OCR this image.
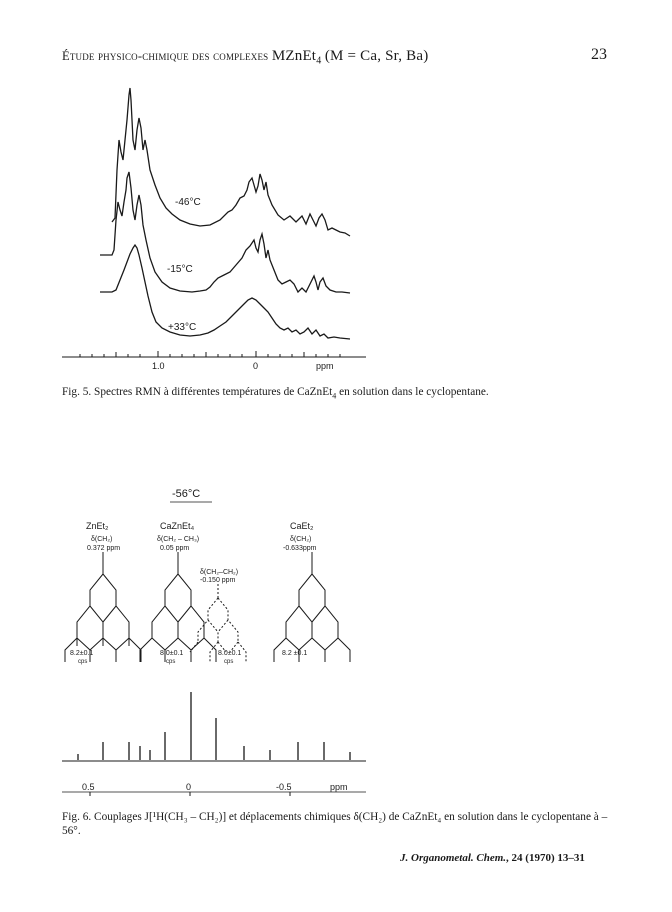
Étude physico-chimique des complexes MZnEt$_4$ (M = Ca, Sr, Ba)	23
-46°C
-15°C
+33°C
1.0	0	ppm
Fig. 5. Spectres RMN à différentes températures de CaZnEt$_4$ en solution dans le cyclopentane.
-56°C
ZnEt₂
δ(CH₂)
0.372 ppm
CaZnEt₄
δ(CH₂ – CH₃)
0.05 ppm
CaEt₂
δ(CH₂)
-0.633ppm
δ(CH₂–CH₂)
-0.150 ppm
8.2±0.1
cps
8.0±0.1
cps
8.0±0.1
cps
8.2 ±0.1
0.5	0	-0.5	ppm
Fig. 6. Couplages J[¹H(CH₃ – CH₂)] et déplacements chimiques δ(CH₂) de CaZnEt₄ en solution dans le cyclopentane à – 56°.
J. Organometal. Chem., 24 (1970) 13–31
